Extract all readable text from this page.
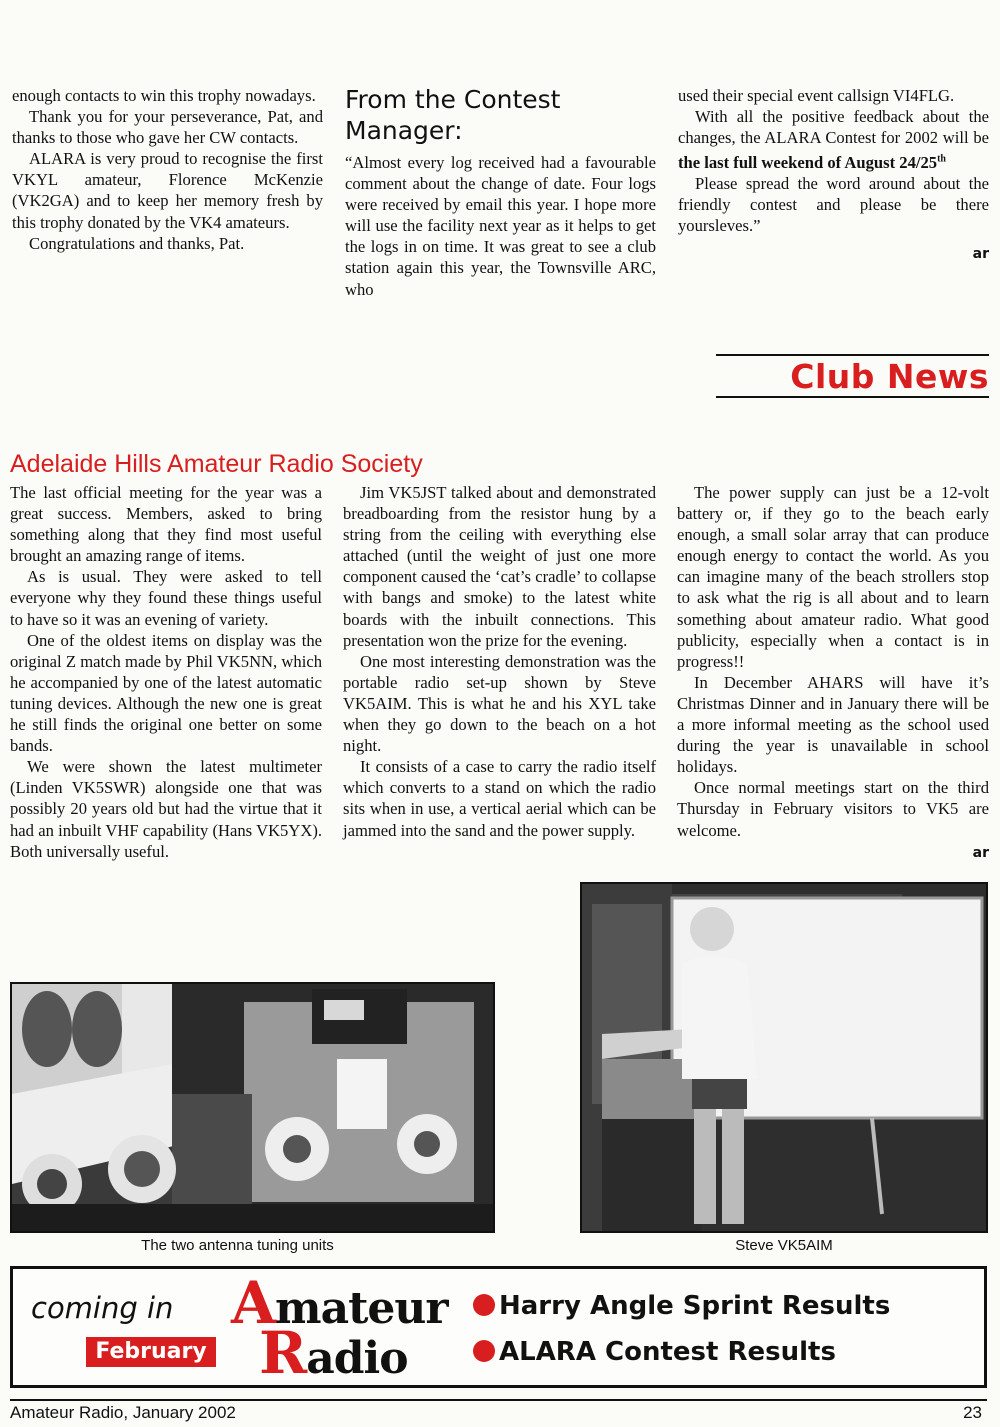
enough contacts to win this trophy nowadays.

Thank you for your perseverance, Pat, and thanks to those who gave her CW contacts.

ALARA is very proud to recognise the first VKYL amateur, Florence McKenzie (VK2GA) and to keep her memory fresh by this trophy donated by the VK4 amateurs.

Congratulations and thanks, Pat.

From the Contest Manager:

“Almost every log received had a favourable comment about the change of date. Four logs were received by email this year. I hope more will use the facility next year as it helps to get the logs in on time. It was great to see a club station again this year, the Townsville ARC, who

used their special event callsign VI4FLG.

With all the positive feedback about the changes, the ALARA Contest for 2002 will be the last full weekend of August 24/25th

Please spread the word around about the friendly contest and please be there yoursleves.”

ar
Club News
Adelaide Hills Amateur Radio Society

The last official meeting for the year was a great success. Members, asked to bring something along that they find most useful brought an amazing range of items.

As is usual. They were asked to tell everyone why they found these things useful to have so it was an evening of variety.

One of the oldest items on display was the original Z match made by Phil VK5NN, which he accompanied by one of the latest automatic tuning devices. Although the new one is great he still finds the original one better on some bands.

We were shown the latest multimeter (Linden VK5SWR) alongside one that was possibly 20 years old but had the virtue that it had an inbuilt VHF capability (Hans VK5YX). Both universally useful.

Jim VK5JST talked about and demonstrated breadboarding from the resistor hung by a string from the ceiling with everything else attached (until the weight of just one more component caused the ‘cat’s cradle’ to collapse with bangs and smoke) to the latest white boards with the inbuilt connections. This presentation won the prize for the evening.

One most interesting demonstration was the portable radio set-up shown by Steve VK5AIM. This is what he and his XYL take when they go down to the beach on a hot night.

It consists of a case to carry the radio itself which converts to a stand on which the radio sits when in use, a vertical aerial which can be jammed into the sand and the power supply.

The power supply can just be a 12-volt battery or, if they go to the beach early enough, a small solar array that can produce enough energy to contact the world. As you can imagine many of the beach strollers stop to ask what the rig is all about and to learn something about amateur radio. What good publicity, especially when a contact is in progress!!

In December AHARS will have it’s Christmas Dinner and in January there will be a more informal meeting as the school used during the year is unavailable in school holidays.

Once normal meetings start on the third Thursday in February visitors to VK5 are welcome.

ar
The two antenna tuning units	Steve VK5AIM
coming in
February
Amateur
Radio
Harry Angle Sprint Results
ALARA Contest Results
Amateur Radio, January 2002	23
